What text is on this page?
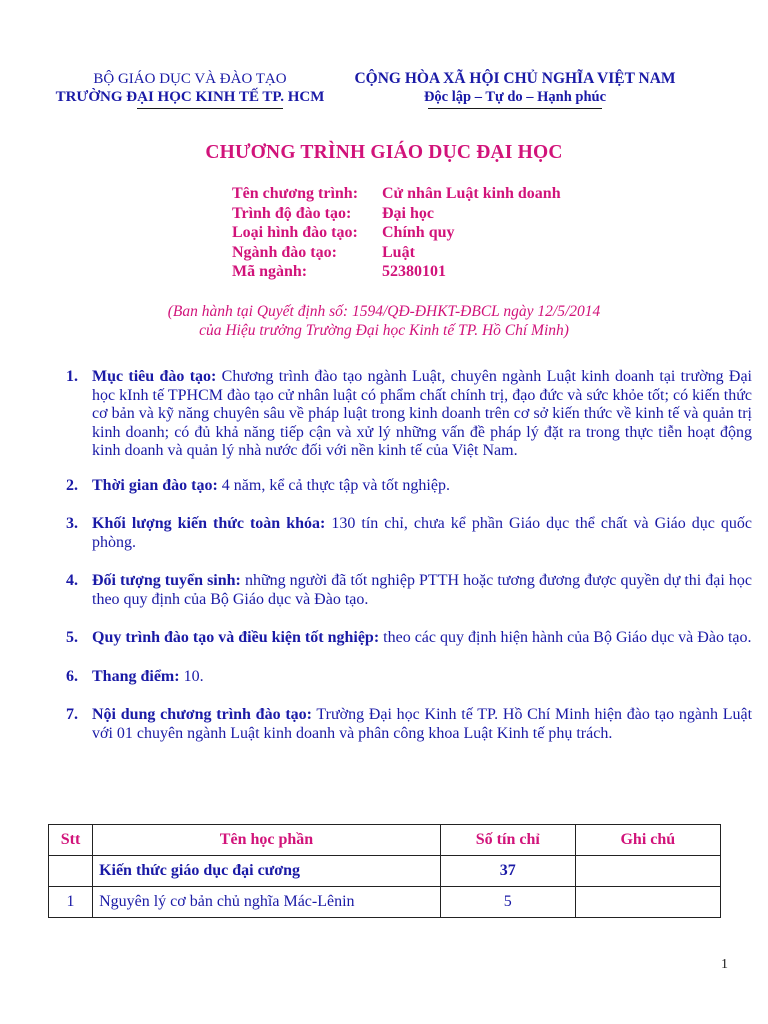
BỘ GIÁO DỤC VÀ ĐÀO TẠO
TRƯỜNG ĐẠI HỌC KINH TẾ TP. HCM
CỘNG HÒA XÃ HỘI CHỦ NGHĨA VIỆT NAM
Độc lập – Tự do – Hạnh phúc
CHƯƠNG TRÌNH GIÁO DỤC ĐẠI HỌC
Tên chương trình: Cử nhân Luật kinh doanh
Trình độ đào tạo: Đại học
Loại hình đào tạo: Chính quy
Ngành đào tạo:	Luật
Mã ngành:	52380101
(Ban hành tại Quyết định số: 1594/QĐ-ĐHKT-ĐBCL ngày 12/5/2014
của Hiệu trưởng Trường Đại học Kinh tế TP. Hồ Chí Minh)
1. Mục tiêu đào tạo: Chương trình đào tạo ngành Luật, chuyên ngành Luật kinh doanh tại trường Đại học kInh tế TPHCM đào tạo cử nhân luật có phẩm chất chính trị, đạo đức và sức khỏe tốt; có kiến thức cơ bản và kỹ năng chuyên sâu về pháp luật trong kinh doanh trên cơ sở kiến thức về kinh tế và quản trị kinh doanh; có đủ khả năng tiếp cận và xử lý những vấn đề pháp lý đặt ra trong thực tiễn hoạt động kinh doanh và quản lý nhà nước đối với nền kinh tế của Việt Nam.
2. Thời gian đào tạo: 4 năm, kể cả thực tập và tốt nghiệp.
3. Khối lượng kiến thức toàn khóa: 130 tín chỉ, chưa kể phần Giáo dục thể chất và Giáo dục quốc phòng.
4. Đối tượng tuyển sinh: những người đã tốt nghiệp PTTH hoặc tương đương được quyền dự thi đại học theo quy định của Bộ Giáo dục và Đào tạo.
5. Quy trình đào tạo và điều kiện tốt nghiệp: theo các quy định hiện hành của Bộ Giáo dục và Đào tạo.
6. Thang điểm: 10.
7. Nội dung chương trình đào tạo: Trường Đại học Kinh tế TP. Hồ Chí Minh hiện đào tạo ngành Luật với 01 chuyên ngành Luật kinh doanh và phân công khoa Luật Kinh tế phụ trách.
Stt	Tên học phần	Số tín chỉ	Ghi chú
	Kiến thức giáo dục đại cương	37	
1	Nguyên lý cơ bản chủ nghĩa Mác-Lênin	5	
1
